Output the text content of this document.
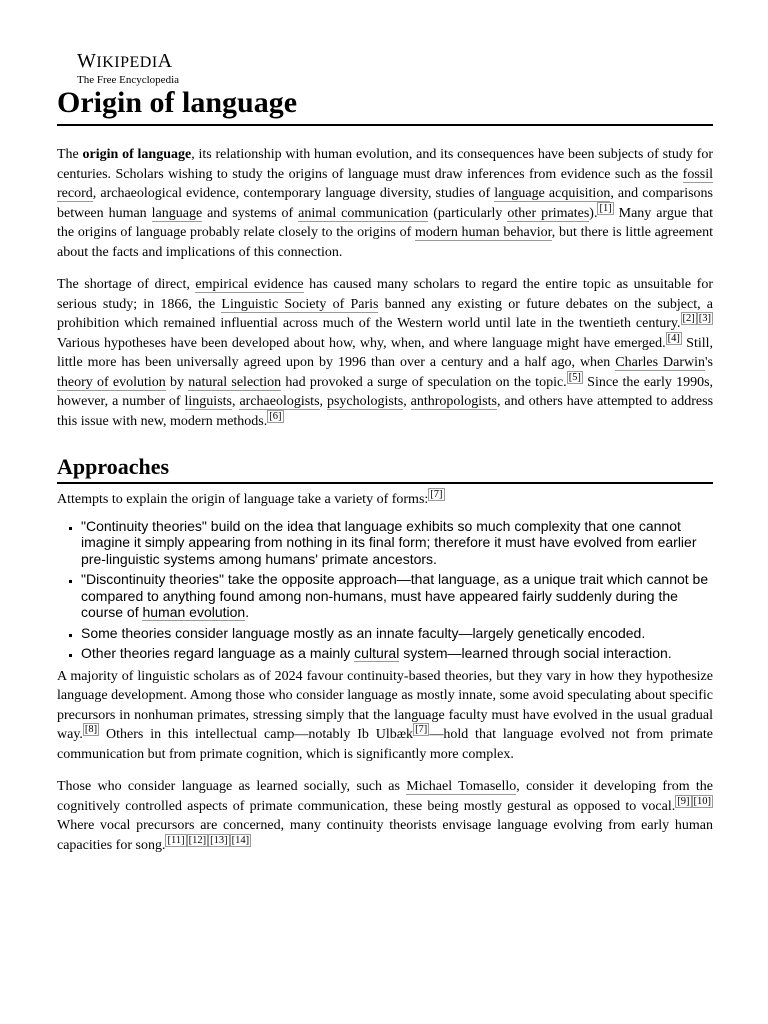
WIKIPEDIA
The Free Encyclopedia
Origin of language

The origin of language, its relationship with human evolution, and its consequences have been subjects of study for centuries. Scholars wishing to study the origins of language must draw inferences from evidence such as the fossil record, archaeological evidence, contemporary language diversity, studies of language acquisition, and comparisons between human language and systems of animal communication (particularly other primates). [1] Many argue that the origins of language probably relate closely to the origins of modern human behavior, but there is little agreement about the facts and implications of this connection.

The shortage of direct, empirical evidence has caused many scholars to regard the entire topic as unsuitable for serious study; in 1866, the Linguistic Society of Paris banned any existing or future debates on the subject, a prohibition which remained influential across much of the Western world until late in the twentieth century. [2] [3] Various hypotheses have been developed about how, why, when, and where language might have emerged. [4] Still, little more has been universally agreed upon by 1996 than over a century and a half ago, when Charles Darwin's theory of evolution by natural selection had provoked a surge of speculation on the topic. [5] Since the early 1990s, however, a number of linguists, archaeologists, psychologists, anthropologists, and others have attempted to address this issue with new, modern methods. [6]

Approaches

Attempts to explain the origin of language take a variety of forms: [7]

▪ "Continuity theories" build on the idea that language exhibits so much complexity that one cannot imagine it simply appearing from nothing in its final form; therefore it must have evolved from earlier pre-linguistic systems among humans' primate ancestors.
▪ "Discontinuity theories" take the opposite approach—that language, as a unique trait which cannot be compared to anything found among non-humans, must have appeared fairly suddenly during the course of human evolution.
▪ Some theories consider language mostly as an innate faculty—largely genetically encoded.
▪ Other theories regard language as a mainly cultural system—learned through social interaction.

A majority of linguistic scholars as of 2024 favour continuity-based theories, but they vary in how they hypothesize language development. Among those who consider language as mostly innate, some avoid speculating about specific precursors in nonhuman primates, stressing simply that the language faculty must have evolved in the usual gradual way. [8] Others in this intellectual camp—notably Ib Ulbæk [7] —hold that language evolved not from primate communication but from primate cognition, which is significantly more complex.

Those who consider language as learned socially, such as Michael Tomasello, consider it developing from the cognitively controlled aspects of primate communication, these being mostly gestural as opposed to vocal. [9] [10] Where vocal precursors are concerned, many continuity theorists envisage language evolving from early human capacities for song. [11] [12] [13] [14]
